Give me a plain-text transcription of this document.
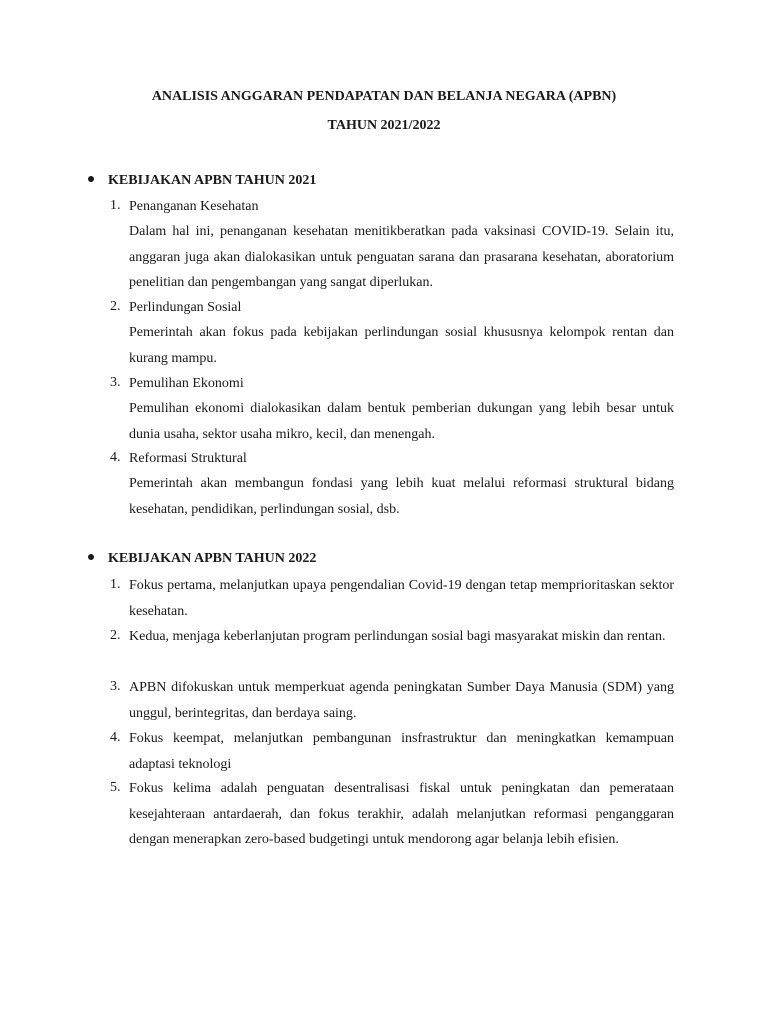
ANALISIS ANGGARAN PENDAPATAN DAN BELANJA NEGARA (APBN)

TAHUN 2021/2022

KEBIJAKAN APBN TAHUN 2021

1. Penanganan Kesehatan

Dalam hal ini, penanganan kesehatan menitikberatkan pada vaksinasi COVID-19. Selain itu, anggaran juga akan dialokasikan untuk penguatan sarana dan prasarana kesehatan, aboratorium penelitian dan pengembangan yang sangat diperlukan.

2. Perlindungan Sosial

Pemerintah akan fokus pada kebijakan perlindungan sosial khususnya kelompok rentan dan kurang mampu.

3. Pemulihan Ekonomi

Pemulihan ekonomi dialokasikan dalam bentuk pemberian dukungan yang lebih besar untuk dunia usaha, sektor usaha mikro, kecil, dan menengah.

4. Reformasi Struktural

Pemerintah akan membangun fondasi yang lebih kuat melalui reformasi struktural bidang kesehatan, pendidikan, perlindungan sosial, dsb.

KEBIJAKAN APBN TAHUN 2022

1. Fokus pertama, melanjutkan upaya pengendalian Covid-19 dengan tetap memprioritaskan sektor kesehatan.

2. Kedua, menjaga keberlanjutan program perlindungan sosial bagi masyarakat miskin dan rentan.

3. APBN difokuskan untuk memperkuat agenda peningkatan Sumber Daya Manusia (SDM) yang unggul, berintegritas, dan berdaya saing.

4. Fokus keempat, melanjutkan pembangunan insfrastruktur dan meningkatkan kemampuan adaptasi teknologi

5. Fokus kelima adalah penguatan desentralisasi fiskal untuk peningkatan dan pemerataan kesejahteraan antardaerah, dan fokus terakhir, adalah melanjutkan reformasi penganggaran dengan menerapkan zero-based budgetingi untuk mendorong agar belanja lebih efisien.
